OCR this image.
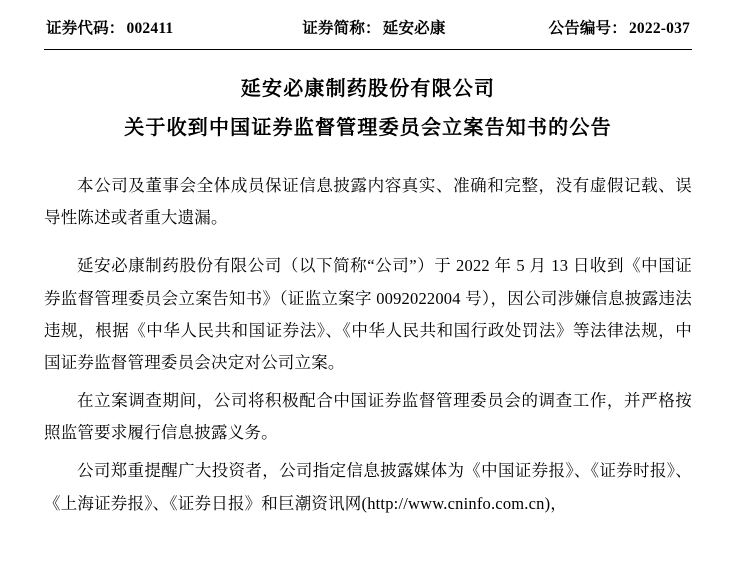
证券代码： 002411	证券简称： 延安必康	公告编号： 2022-037
延安必康制药股份有限公司
关于收到中国证券监督管理委员会立案告知书的公告

本公司及董事会全体成员保证信息披露内容真实、准确和完整，没有虚假记载、误导性陈述或者重大遗漏。

延安必康制药股份有限公司（以下简称“公司”）于 2022 年 5 月 13 日收到《中国证券监督管理委员会立案告知书》（证监立案字 0092022004 号），因公司涉嫌信息披露违法违规，根据《中华人民共和国证券法》、《中华人民共和国行政处罚法》等法律法规，中国证券监督管理委员会决定对公司立案。

在立案调查期间，公司将积极配合中国证券监督管理委员会的调查工作，并严格按照监管要求履行信息披露义务。

公司郑重提醒广大投资者，公司指定信息披露媒体为《中国证券报》、《证券时报》、《上海证券报》、《证券日报》和巨潮资讯网(http://www.cninfo.com.cn)，
